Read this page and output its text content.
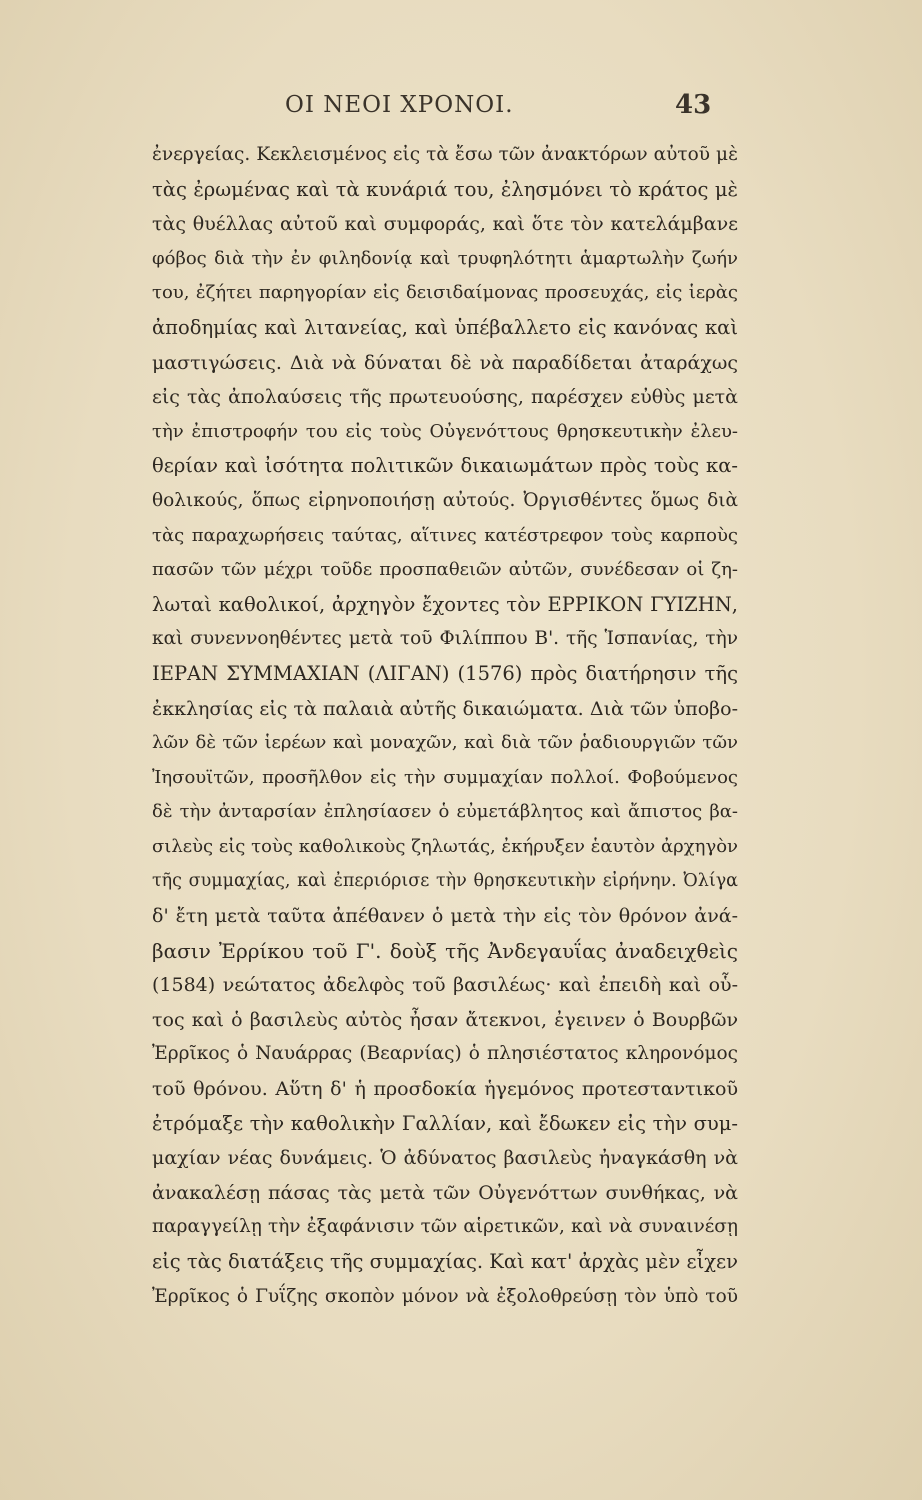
ΟΙ ΝΕΟΙ ΧΡΟΝΟΙ.	43
ἐνεργείας. Κεκλεισμένος εἰς τὰ ἔσω τῶν ἀνακτόρων αὐτοῦ μὲ
τὰς ἐρωμένας καὶ τὰ κυνάριά του, ἐλησμόνει τὸ κράτος μὲ
τὰς θυέλλας αὐτοῦ καὶ συμφοράς, καὶ ὅτε τὸν κατελάμβανε
φόβος διὰ τὴν ἐν φιληδονίᾳ καὶ τρυφηλότητι ἁμαρτωλὴν ζωήν
του, ἐζήτει παρηγορίαν εἰς δεισιδαίμονας προσευχάς, εἰς ἱερὰς
ἀποδημίας καὶ λιτανείας, καὶ ὑπέβαλλετο εἰς κανόνας καὶ
μαστιγώσεις. Διὰ νὰ δύναται δὲ νὰ παραδίδεται ἀταράχως
εἰς τὰς ἀπολαύσεις τῆς πρωτευούσης, παρέσχεν εὐθὺς μετὰ
τὴν ἐπιστροφήν του εἰς τοὺς Οὐγενόττους θρησκευτικὴν ἐλευ-
θερίαν καὶ ἰσότητα πολιτικῶν δικαιωμάτων πρὸς τοὺς κα-
θολικούς, ὅπως εἰρηνοποιήσῃ αὐτούς. Ὀργισθέντες ὅμως διὰ
τὰς παραχωρήσεις ταύτας, αἵτινες κατέστρεφον τοὺς καρποὺς
πασῶν τῶν μέχρι τοῦδε προσπαθειῶν αὐτῶν, συνέδεσαν οἱ ζη-
λωταὶ καθολικοί, ἀρχηγὸν ἔχοντες τὸν ΕΡΡΙΚΟΝ ΓΥΙΖΗΝ,
καὶ συνεννοηθέντες μετὰ τοῦ Φιλίππου Β'. τῆς Ἱσπανίας, τὴν
ΙΕΡΑΝ ΣΥΜΜΑΧΙΑΝ (ΛΙΓΑΝ) (1576) πρὸς διατήρησιν τῆς
ἐκκλησίας εἰς τὰ παλαιὰ αὐτῆς δικαιώματα. Διὰ τῶν ὑποβο-
λῶν δὲ τῶν ἱερέων καὶ μοναχῶν, καὶ διὰ τῶν ῥαδιουργιῶν τῶν
Ἰησουϊτῶν, προσῆλθον εἰς τὴν συμμαχίαν πολλοί. Φοβούμενος
δὲ τὴν ἀνταρσίαν ἐπλησίασεν ὁ εὐμετάβλητος καὶ ἄπιστος βα-
σιλεὺς εἰς τοὺς καθολικοὺς ζηλωτάς, ἐκήρυξεν ἑαυτὸν ἀρχηγὸν
τῆς συμμαχίας, καὶ ἐπεριόρισε τὴν θρησκευτικὴν εἰρήνην. Ὀλίγα
δ' ἔτη μετὰ ταῦτα ἀπέθανεν ὁ μετὰ τὴν εἰς τὸν θρόνον ἀνά-
βασιν Ἐρρίκου τοῦ Γ'. δοὺξ τῆς Ἀνδεγαυΐας ἀναδειχθεὶς
(1584) νεώτατος ἀδελφὸς τοῦ βασιλέως· καὶ ἐπειδὴ καὶ οὗ-
τος καὶ ὁ βασιλεὺς αὐτὸς ἦσαν ἄτεκνοι, ἐγεινεν ὁ Βουρβῶν
Ἐρρῖκος ὁ Ναυάρρας (Βεαρνίας) ὁ πλησιέστατος κληρονόμος
τοῦ θρόνου. Αὕτη δ' ἡ προσδοκία ἡγεμόνος προτεσταντικοῦ
ἐτρόμαξε τὴν καθολικὴν Γαλλίαν, καὶ ἔδωκεν εἰς τὴν συμ-
μαχίαν νέας δυνάμεις. Ὁ ἀδύνατος βασιλεὺς ἠναγκάσθη νὰ
ἀνακαλέσῃ πάσας τὰς μετὰ τῶν Οὐγενόττων συνθήκας, νὰ
παραγγείλῃ τὴν ἐξαφάνισιν τῶν αἱρετικῶν, καὶ νὰ συναινέσῃ
εἰς τὰς διατάξεις τῆς συμμαχίας. Καὶ κατ' ἀρχὰς μὲν εἶχεν
Ἐρρῖκος ὁ Γυΐζης σκοπὸν μόνον νὰ ἐξολοθρεύσῃ τὸν ὑπὸ τοῦ
